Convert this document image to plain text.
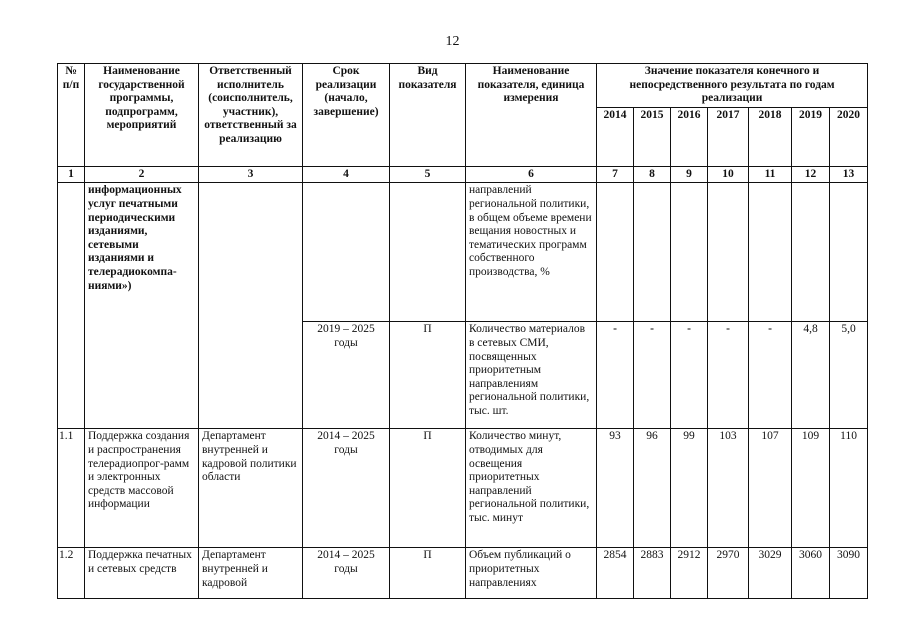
12
№ п/п	Наименование государственной программы, подпрограмм, мероприятий	Ответственный исполнитель (соисполнитель, участник), ответственный за реализацию	Срок реализации (начало, завершение)	Вид показателя	Наименование показателя, единица измерения	Значение показателя конечного и непосредственного результата по годам реализации						
						2014	2015	2016	2017	2018	2019	2020
1	2	3	4	5	6	7	8	9	10	11	12	13
	информационных услуг печатными периодическими изданиями, сетевыми изданиями и телерадиокомпа-ниями»)				направлений региональной политики, в общем объеме времени вещания новостных и тематических программ собственного производства, %							
			2019 – 2025 годы	П	Количество материалов в сетевых СМИ, посвященных приоритетным направлениям региональной политики, тыс. шт.	-	-	-	-	-	4,8	5,0
1.1	Поддержка создания и распространения телерадиопрог-рамм и электронных средств массовой информации	Департамент внутренней и кадровой политики области	2014 – 2025 годы	П	Количество минут, отводимых для освещения приоритетных направлений региональной политики, тыс. минут	93	96	99	103	107	109	110
1.2	Поддержка печатных и сетевых средств	Департамент внутренней и кадровой	2014 – 2025 годы	П	Объем публикаций о приоритетных направлениях	2854	2883	2912	2970	3029	3060	3090
